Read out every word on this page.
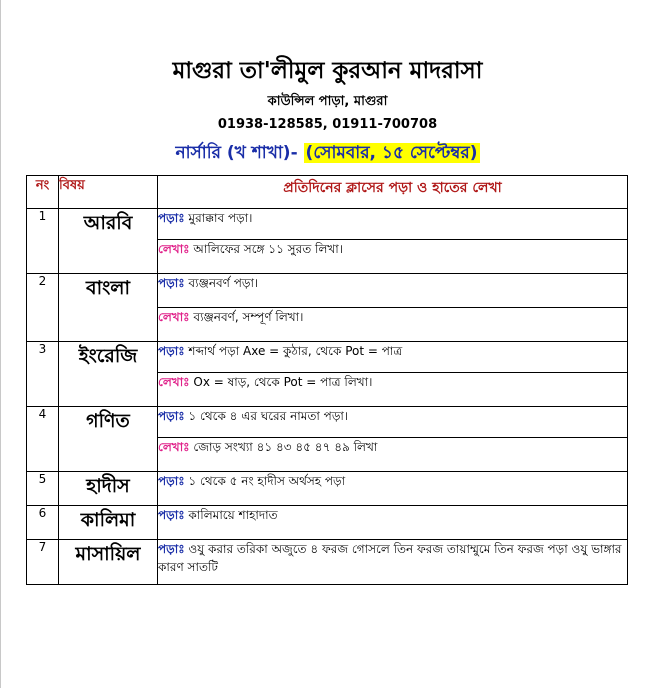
মাগুরা তা'লীমুল কুরআন মাদরাসা
কাউন্সিল পাড়া, মাগুরা
01938-128585, 01911-700708
নার্সারি (খ শাখা)- (সোমবার, ১৫ সেপ্টেম্বর)
নং	বিষয়	প্রতিদিনের ক্লাসের পড়া ও হাতের লেখা
1	আরবি	পড়াঃ মুরাক্কাব পড়া।
		লেখাঃ আলিফের সঙ্গে ১১ সুরত লিখা।
2	বাংলা	পড়াঃ ব্যঞ্জনবর্ণ পড়া।
		লেখাঃ ব্যঞ্জনবর্ণ, সম্পূর্ণ লিখা।
3	ইংরেজি	পড়াঃ শব্দার্থ পড়া Axe = কুঠার, থেকে Pot = পাত্র
		লেখাঃ Ox = ষাড়, থেকে Pot = পাত্র লিখা।
4	গণিত	পড়াঃ ১ থেকে ৪ এর ঘরের নামতা পড়া।
		লেখাঃ জোড় সংখ্যা ৪১ ৪৩ ৪৫ ৪৭ ৪৯ লিখা
5	হাদীস	পড়াঃ ১ থেকে ৫ নং হাদীস অর্থসহ পড়া
6	কালিমা	পড়াঃ কালিমায়ে শাহাদাত
7	মাসায়িল	পড়াঃ ওযু করার তরিকা অজুতে ৪ ফরজ গোসলে তিন ফরজ তায়াম্মুমে তিন ফরজ পড়া ওযু ভাঙ্গার কারণ সাতটি
